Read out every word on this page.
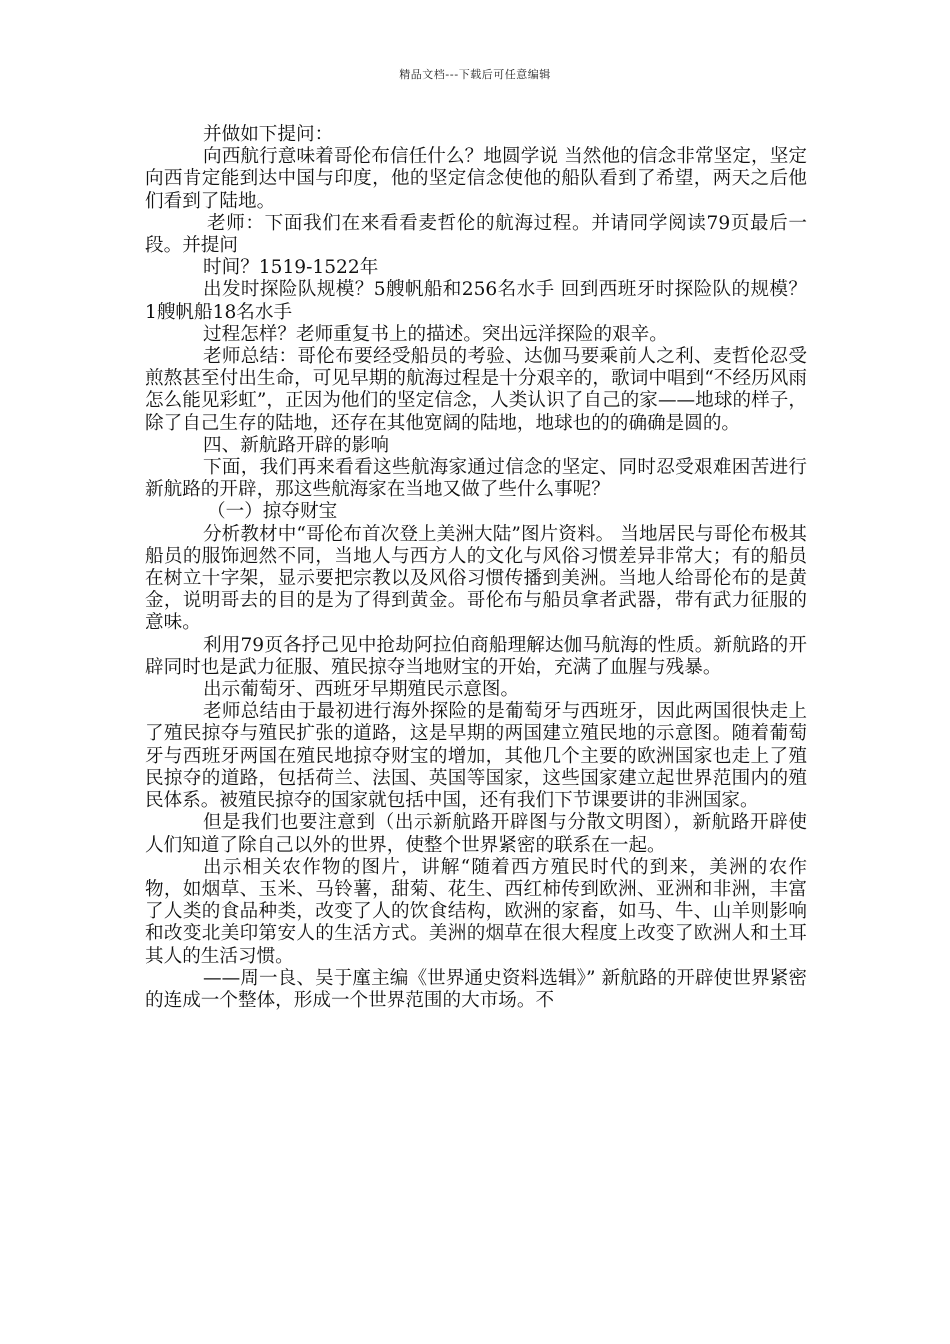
精品文档---下载后可任意编辑

并做如下提问：

向西航行意味着哥伦布信任什么？地圆学说 当然他的信念非常坚定，坚定向西肯定能到达中国与印度，他的坚定信念使他的船队看到了希望，两天之后他们看到了陆地。

老师：下面我们在来看看麦哲伦的航海过程。并请同学阅读79页最后一段。并提问

时间？1519-1522年

出发时探险队规模？5艘帆船和256名水手 回到西班牙时探险队的规模？1艘帆船18名水手

过程怎样？老师重复书上的描述。突出远洋探险的艰辛。

老师总结：哥伦布要经受船员的考验、达伽马要乘前人之利、麦哲伦忍受煎熬甚至付出生命，可见早期的航海过程是十分艰辛的，歌词中唱到“不经历风雨怎么能见彩虹”，正因为他们的坚定信念，人类认识了自己的家——地球的样子，除了自己生存的陆地，还存在其他宽阔的陆地，地球也的的确确是圆的。

四、新航路开辟的影响

下面，我们再来看看这些航海家通过信念的坚定、同时忍受艰难困苦进行新航路的开辟，那这些航海家在当地又做了些什么事呢？

（一）掠夺财宝

分析教材中“哥伦布首次登上美洲大陆”图片资料。 当地居民与哥伦布极其船员的服饰迥然不同，当地人与西方人的文化与风俗习惯差异非常大；有的船员在树立十字架，显示要把宗教以及风俗习惯传播到美洲。当地人给哥伦布的是黄金，说明哥去的目的是为了得到黄金。哥伦布与船员拿者武器，带有武力征服的意味。

利用79页各抒己见中抢劫阿拉伯商船理解达伽马航海的性质。新航路的开辟同时也是武力征服、殖民掠夺当地财宝的开始，充满了血腥与残暴。

出示葡萄牙、西班牙早期殖民示意图。

老师总结由于最初进行海外探险的是葡萄牙与西班牙，因此两国很快走上了殖民掠夺与殖民扩张的道路，这是早期的两国建立殖民地的示意图。随着葡萄牙与西班牙两国在殖民地掠夺财宝的增加，其他几个主要的欧洲国家也走上了殖民掠夺的道路，包括荷兰、法国、英国等国家，这些国家建立起世界范围内的殖民体系。被殖民掠夺的国家就包括中国，还有我们下节课要讲的非洲国家。

但是我们也要注意到（出示新航路开辟图与分散文明图），新航路开辟使人们知道了除自己以外的世界，使整个世界紧密的联系在一起。

出示相关农作物的图片，讲解“随着西方殖民时代的到来，美洲的农作物，如烟草、玉米、马铃薯，甜菊、花生、西红柿传到欧洲、亚洲和非洲，丰富了人类的食品种类，改变了人的饮食结构，欧洲的家畜，如马、牛、山羊则影响和改变北美印第安人的生活方式。美洲的烟草在很大程度上改变了欧洲人和土耳其人的生活习惯。

——周一良、吴于廑主编《世界通史资料选辑》” 新航路的开辟使世界紧密的连成一个整体，形成一个世界范围的大市场。不
